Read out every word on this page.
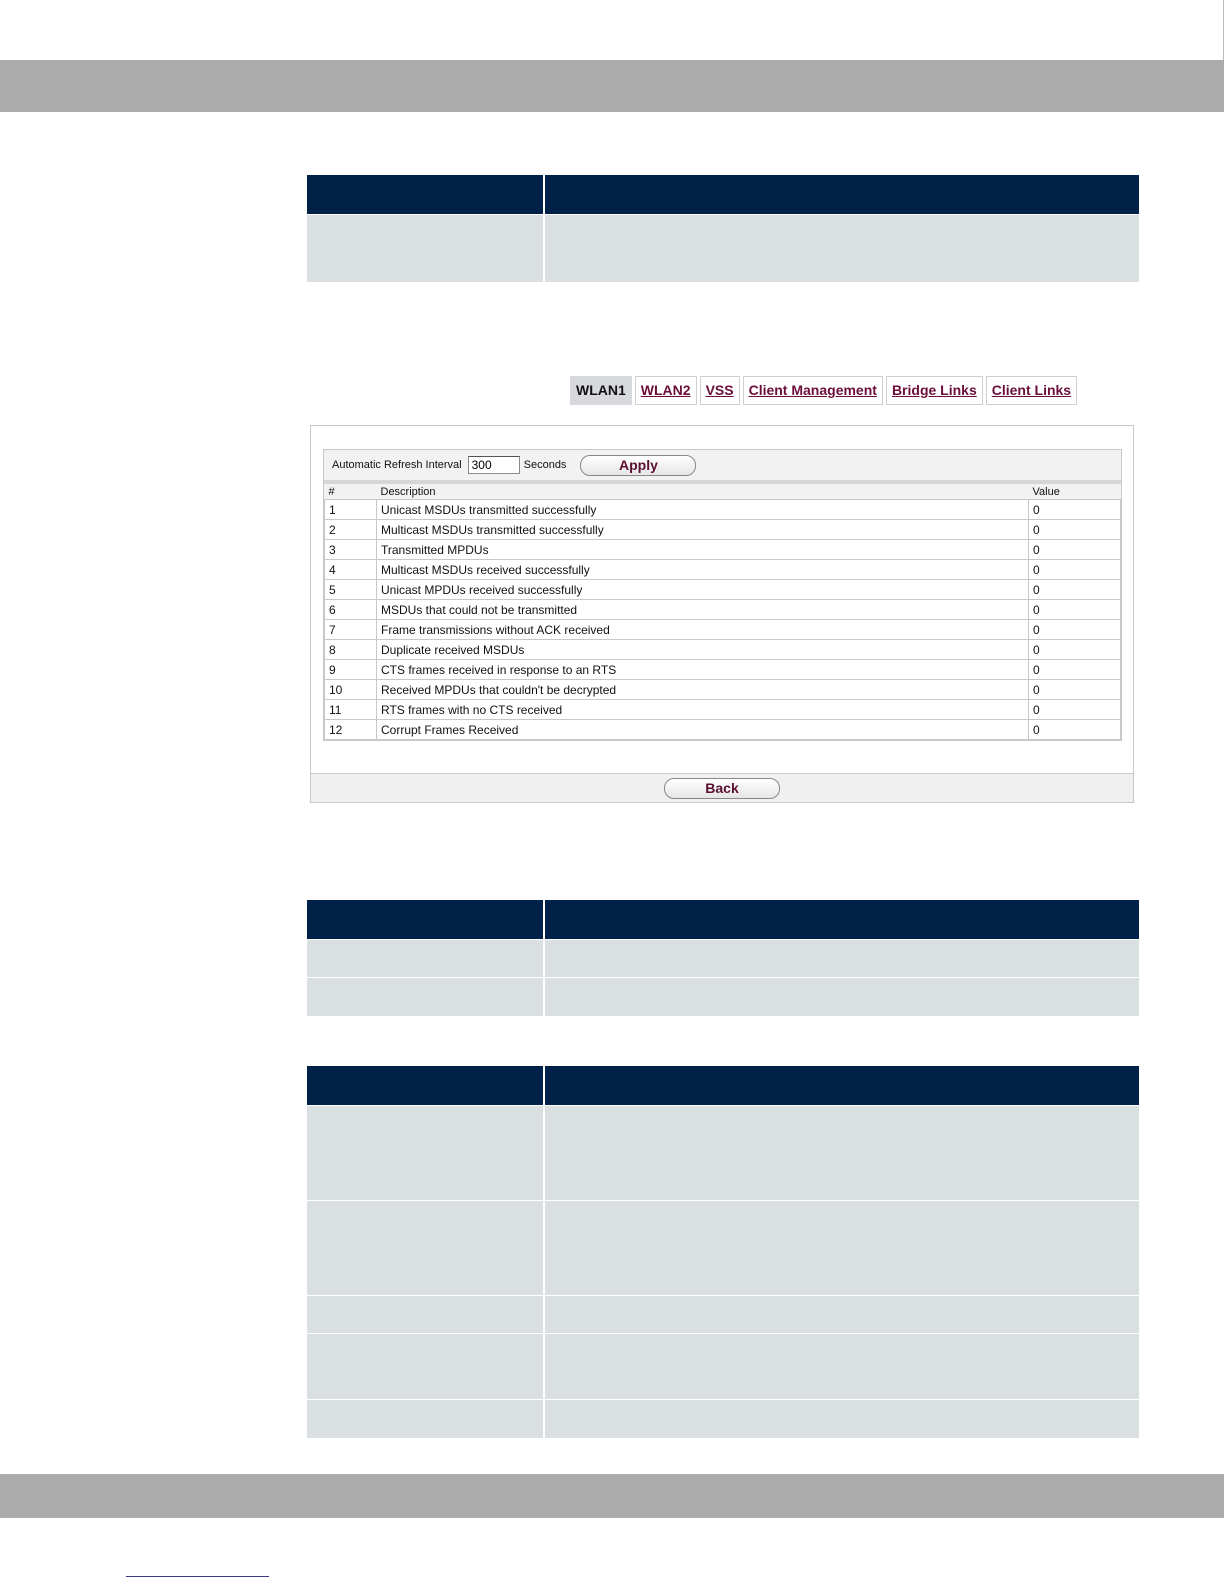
WLAN1	WLAN2	VSS	Client Management	Bridge Links	Client Links
Automatic Refresh Interval
300	Seconds	Apply
#	Description	Value
1	Unicast MSDUs transmitted successfully	0
2	Multicast MSDUs transmitted successfully	0
3	Transmitted MPDUs	0
4	Multicast MSDUs received successfully	0
5	Unicast MPDUs received successfully	0
6	MSDUs that could not be transmitted	0
7	Frame transmissions without ACK received	0
8	Duplicate received MSDUs	0
9	CTS frames received in response to an RTS	0
10	Received MPDUs that couldn't be decrypted	0
11	RTS frames with no CTS received	0
12	Corrupt Frames Received	0
Back
